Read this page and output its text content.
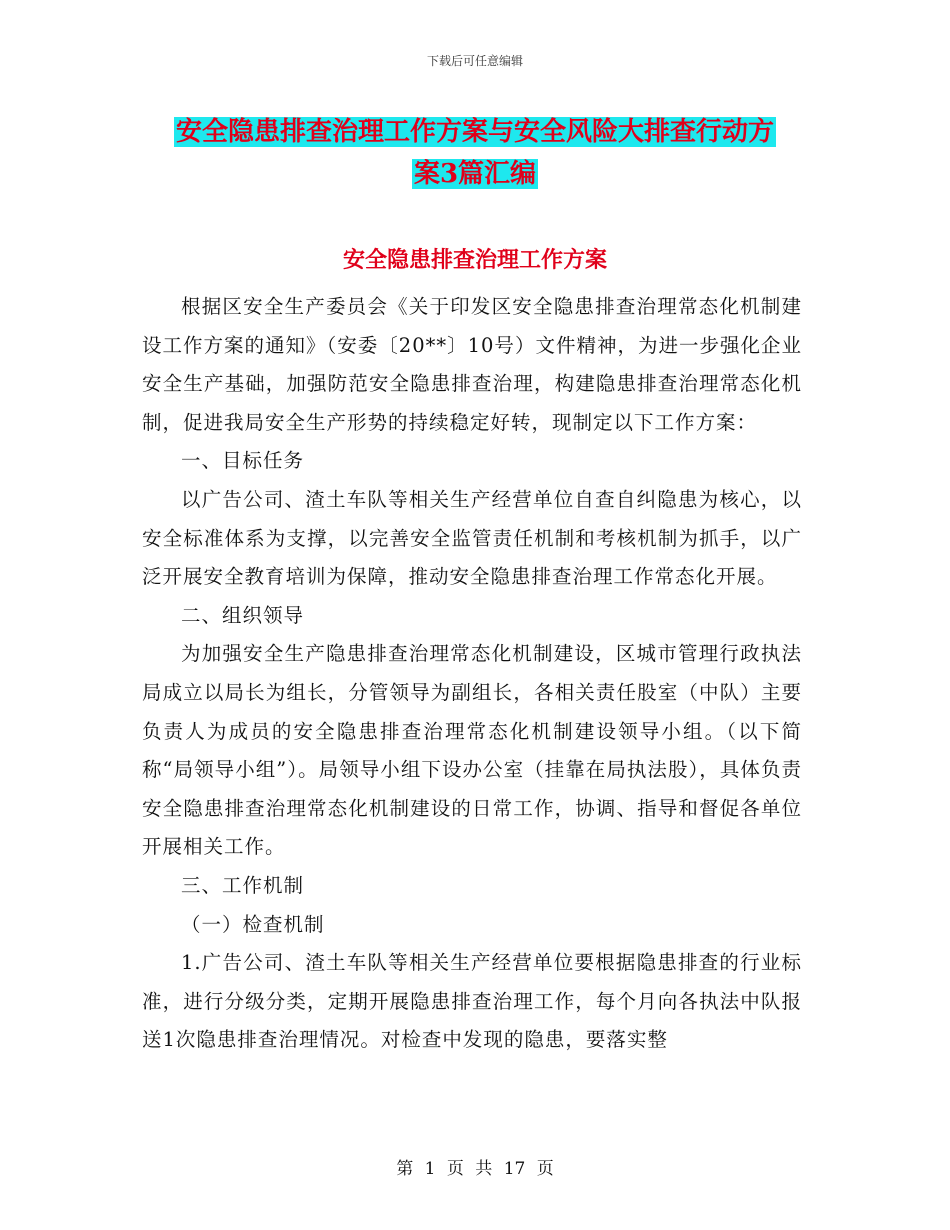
下载后可任意编辑
安全隐患排查治理工作方案与安全风险大排查行动方
案3篇汇编
安全隐患排查治理工作方案

根据区安全生产委员会《关于印发区安全隐患排查治理常态化机制建设工作方案的通知》（安委〔20**〕10号）文件精神，为进一步强化企业安全生产基础，加强防范安全隐患排查治理，构建隐患排查治理常态化机制，促进我局安全生产形势的持续稳定好转，现制定以下工作方案：

一、目标任务

以广告公司、渣土车队等相关生产经营单位自查自纠隐患为核心，以安全标准体系为支撑，以完善安全监管责任机制和考核机制为抓手，以广泛开展安全教育培训为保障，推动安全隐患排查治理工作常态化开展。

二、组织领导

为加强安全生产隐患排查治理常态化机制建设，区城市管理行政执法局成立以局长为组长，分管领导为副组长，各相关责任股室（中队）主要负责人为成员的安全隐患排查治理常态化机制建设领导小组。（以下简称“局领导小组”）。局领导小组下设办公室（挂靠在局执法股），具体负责安全隐患排查治理常态化机制建设的日常工作，协调、指导和督促各单位开展相关工作。

三、工作机制

（一）检查机制

1.广告公司、渣土车队等相关生产经营单位要根据隐患排查的行业标准，进行分级分类，定期开展隐患排查治理工作，每个月向各执法中队报送1次隐患排查治理情况。对检查中发现的隐患，要落实整

第 1 页 共 17 页
